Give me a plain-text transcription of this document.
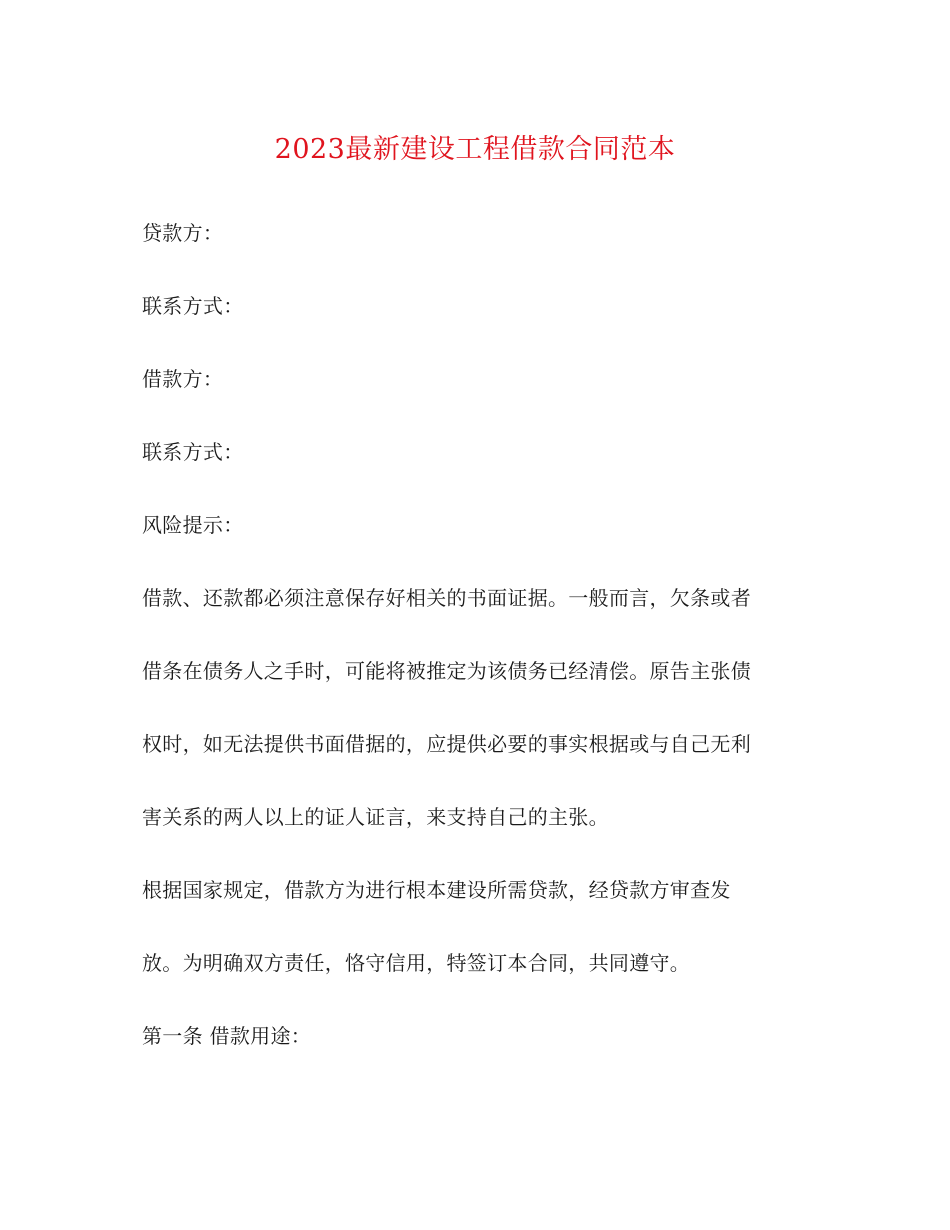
2023最新建设工程借款合同范本

贷款方：

联系方式：

借款方：

联系方式：

风险提示：

借款、还款都必须注意保存好相关的书面证据。一般而言，欠条或者

借条在债务人之手时，可能将被推定为该债务已经清偿。原告主张债

权时，如无法提供书面借据的，应提供必要的事实根据或与自己无利

害关系的两人以上的证人证言，来支持自己的主张。

根据国家规定，借款方为进行根本建设所需贷款，经贷款方审查发

放。为明确双方责任，恪守信用，特签订本合同，共同遵守。

第一条 借款用途：
